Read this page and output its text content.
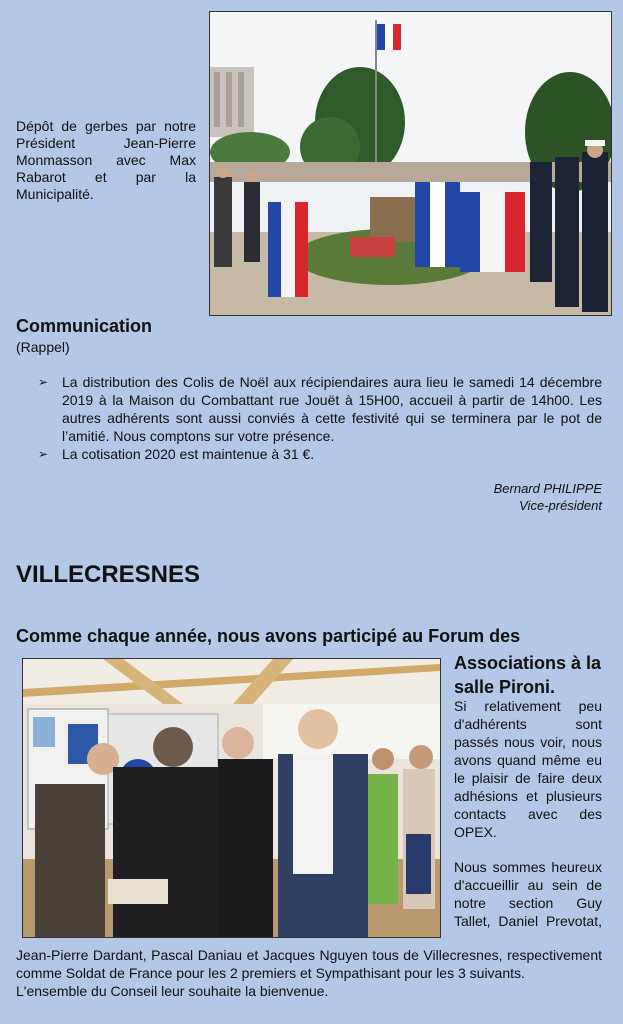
Dépôt de gerbes par notre Président Jean-Pierre Monmasson avec Max Rabarot et par la Municipalité.
Communication
(Rappel)
➢ La distribution des Colis de Noël aux récipiendaires aura lieu le samedi 14 décembre 2019 à la Maison du Combattant rue Jouët à 15H00, accueil à partir de 14h00. Les autres adhérents sont aussi conviés à cette festivité qui se terminera par le pot de l’amitié. Nous comptons sur votre présence.
➢ La cotisation 2020 est maintenue à 31 €.
Bernard PHILIPPE
Vice-président
VILLECRESNES
Comme chaque année, nous avons participé au Forum des
Associations à la salle Pironi.
Si relativement peu d'adhérents sont passés nous voir, nous avons quand même eu le plaisir de faire deux adhésions et plusieurs contacts avec des OPEX.
Nous sommes heureux d'accueillir au sein de notre section Guy Tallet, Daniel Prevotat,
Jean-Pierre Dardant, Pascal Daniau et Jacques Nguyen tous de Villecresnes, respectivement comme Soldat de France pour les 2 premiers et Sympathisant pour les 3 suivants.
L'ensemble du Conseil leur souhaite la bienvenue.
